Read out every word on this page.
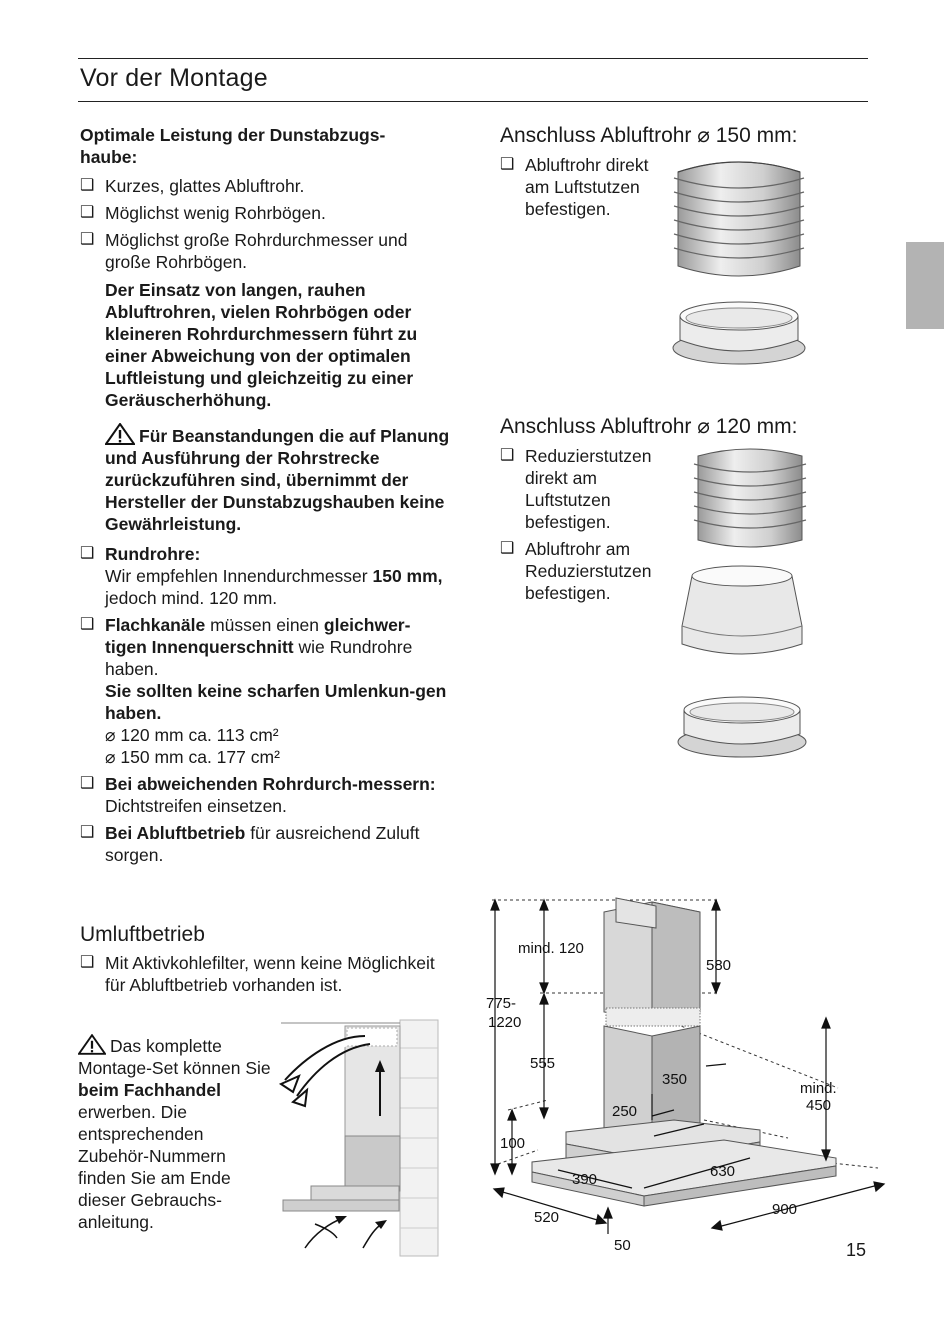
Vor der Montage
Optimale Leistung der Dunstabzugs-
haube:
❑ Kurzes, glattes Abluftrohr.
❑ Möglichst wenig Rohrbögen.
❑ Möglichst große Rohrdurchmesser und große Rohrbögen.
Der Einsatz von langen, rauhen Abluftrohren, vielen Rohrbögen oder kleineren Rohrdurchmessern führt zu einer Abweichung von der optimalen Luftleistung und gleichzeitig zu einer Geräuscherhöhung.
Für Beanstandungen die auf Planung und Ausführung der Rohrstrecke zurückzuführen sind, übernimmt der Hersteller der Dunstabzugshauben keine Gewährleistung.
❑ Rundrohre:
Wir empfehlen Innendurchmesser 150 mm, jedoch mind. 120 mm.
❑ Flachkanäle müssen einen gleichwer-tigen Innenquerschnitt wie Rundrohre haben.
Sie sollten keine scharfen Umlenkun-gen haben.
⌀ 120 mm ca. 113 cm²
⌀ 150 mm ca. 177 cm²
❑ Bei abweichenden Rohrdurch-messern: Dichtstreifen einsetzen.
❑ Bei Abluftbetrieb für ausreichend Zuluft sorgen.
Umluftbetrieb
❑ Mit Aktivkohlefilter, wenn keine Möglichkeit für Abluftbetrieb vorhanden ist.
Das komplette Montage-Set können Sie beim Fachhandel erwerben. Die entsprechenden Zubehör-Nummern finden Sie am Ende dieser Gebrauchs-anleitung.
Anschluss Abluftrohr ⌀ 150 mm:
❑ Abluftrohr direkt am Luftstutzen befestigen.
Anschluss Abluftrohr ⌀ 120 mm:
❑ Reduzierstutzen direkt am Luftstutzen befestigen.
❑ Abluftrohr am Reduzierstutzen befestigen.
mind. 120
580
775-
1220
555
350
250
mind.
450
100
390	630
520	900
50	15
